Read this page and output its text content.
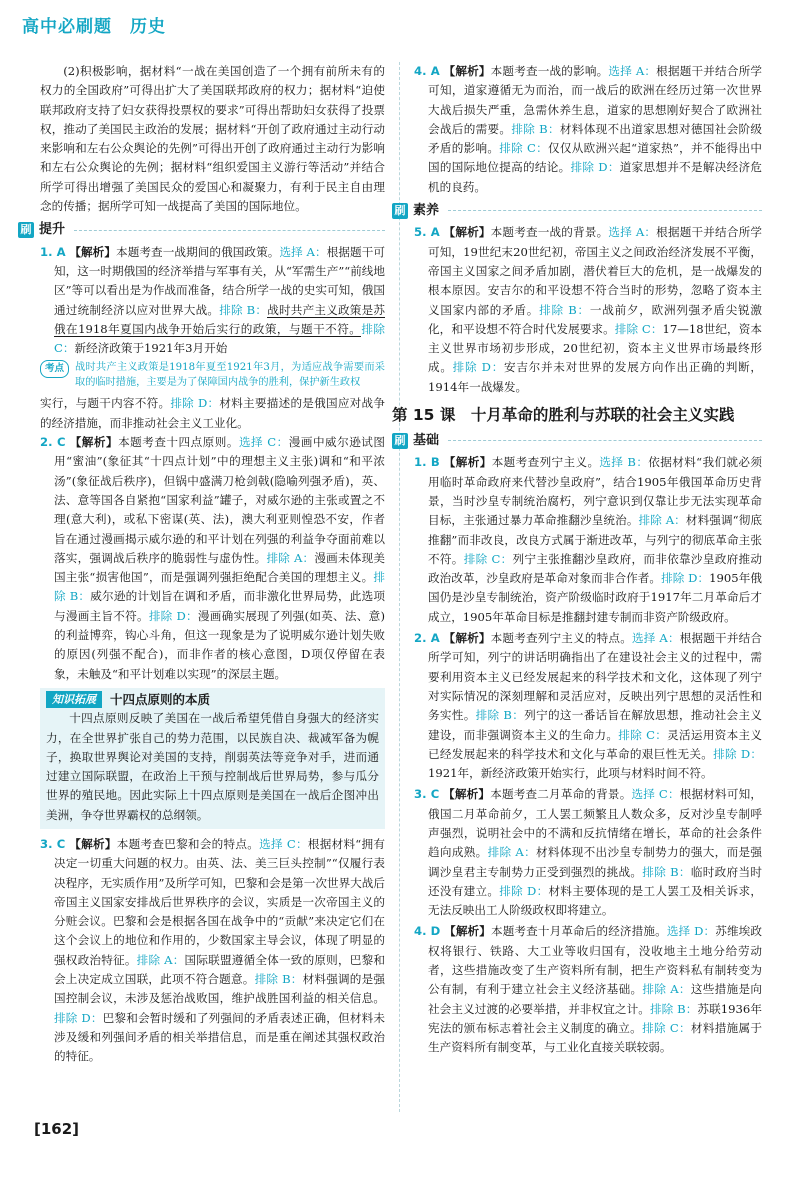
高中必刷题　历史

(2)积极影响，据材料“一战在美国创造了一个拥有前所未有的权力的全国政府”可得出扩大了美国联邦政府的权力；据材料“迫使联邦政府支持了妇女获得投票权的要求”可得出帮助妇女获得了投票权，推动了美国民主政治的发展；据材料“开创了政府通过主动行动来影响和左右公众舆论的先例”可得出开创了政府通过主动行为影响和左右公众舆论的先例；据材料“组织爱国主义游行等活动”并结合所学可得出增强了美国民众的爱国心和凝聚力，有利于民主自由理念的传播；据所学可知一战提高了美国的国际地位。

刷 提升

1. A 【解析】本题考查一战期间的俄国政策。选择 A：根据题干可知，这一时期俄国的经济举措与军事有关，从“军需生产”“前线地区”等可以看出是为作战而准备，结合所学一战的史实可知，俄国通过统制经济以应对世界大战。排除 B：战时共产主义政策是苏俄在1918年夏国内战争开始后实行的政策，与题干不符。排除 C：新经济政策于1921年3月开始

考点	战时共产主义政策是1918年夏至1921年3月，为适应战争需要而采取的临时措施，主要是为了保障国内战争的胜利，保护新生政权

实行，与题干内容不符。排除 D：材料主要描述的是俄国应对战争的经济措施，而非推动社会主义工业化。

2. C 【解析】本题考查十四点原则。选择 C：漫画中威尔逊试图用“蜜油”(象征其“十四点计划”中的理想主义主张)调和“和平浓汤”(象征战后秩序)，但锅中盛满刀枪剑戟(隐喻列强矛盾)，英、法、意等国各自紧抱“国家利益”罐子，对威尔逊的主张或置之不理(意大利)，或私下密谋(英、法)，澳大利亚则惶恐不安，作者旨在通过漫画揭示威尔逊的和平计划在列强的利益争夺面前难以落实，强调战后秩序的脆弱性与虚伪性。排除 A：漫画未体现美国主张“损害他国”，而是强调列强拒绝配合美国的理想主义。排除 B：威尔逊的计划旨在调和矛盾，而非激化世界局势，此选项与漫画主旨不符。排除 D：漫画确实展现了列强(如英、法、意)的利益博弈，钩心斗角，但这一现象是为了说明威尔逊计划失败的原因(列强不配合)，而非作者的核心意图，D项仅停留在表象，未触及“和平计划难以实现”的深层主题。

知识拓展	十四点原则的本质

十四点原则反映了美国在一战后希望凭借自身强大的经济实力，在全世界扩张自己的势力范围，以民族自决、裁减军备为幌子，换取世界舆论对美国的支持，削弱英法等竞争对手，进而通过建立国际联盟，在政治上干预与控制战后世界局势，参与瓜分世界的殖民地。因此实际上十四点原则是美国在一战后企图冲出美洲，争夺世界霸权的总纲领。

3. C 【解析】本题考查巴黎和会的特点。选择 C：根据材料“拥有决定一切重大问题的权力。由英、法、美三巨头控制”“仅履行表决程序，无实质作用”及所学可知，巴黎和会是第一次世界大战后帝国主义国家安排战后世界秩序的会议，实质是一次帝国主义的分赃会议。巴黎和会是根据各国在战争中的“贡献”来决定它们在这个会议上的地位和作用的，少数国家主导会议，体现了明显的强权政治特征。排除 A：国际联盟遵循全体一致的原则，巴黎和会上决定成立国联，此项不符合题意。排除 B：材料强调的是强国控制会议，未涉及惩治战败国，维护战胜国利益的相关信息。排除 D：巴黎和会暂时缓和了列强间的矛盾表述正确，但材料未涉及缓和列强间矛盾的相关举措信息，而是重在阐述其强权政治的特征。

4. A 【解析】本题考查一战的影响。选择 A：根据题干并结合所学可知，道家遵循无为而治，而一战后的欧洲在经历过第一次世界大战后损失严重，急需休养生息，道家的思想刚好契合了欧洲社会战后的需要。排除 B：材料体现不出道家思想对德国社会阶级矛盾的影响。排除 C：仅仅从欧洲兴起“道家热”，并不能得出中国的国际地位提高的结论。排除 D：道家思想并不是解决经济危机的良药。

刷 素养

5. A 【解析】本题考查一战的背景。选择 A：根据题干并结合所学可知，19世纪末20世纪初，帝国主义之间政治经济发展不平衡，帝国主义国家之间矛盾加剧，潜伏着巨大的危机，是一战爆发的根本原因。安吉尔的和平设想不符合当时的形势，忽略了资本主义国家内部的矛盾。排除 B：一战前夕，欧洲列强矛盾尖锐激化，和平设想不符合时代发展要求。排除 C：17—18世纪，资本主义世界市场初步形成，20世纪初，资本主义世界市场最终形成。排除 D：安吉尔并未对世界的发展方向作出正确的判断，1914年一战爆发。

第 15 课　十月革命的胜利与苏联的社会主义实践
刷 基础

1. B 【解析】本题考查列宁主义。选择 B：依据材料“我们就必须用临时革命政府来代替沙皇政府”，结合1905年俄国革命历史背景，当时沙皇专制统治腐朽，列宁意识到仅靠让步无法实现革命目标，主张通过暴力革命推翻沙皇统治。排除 A：材料强调“彻底推翻”而非改良，改良方式属于渐进改革，与列宁的彻底革命主张不符。排除 C：列宁主张推翻沙皇政府，而非依靠沙皇政府推动政治改革，沙皇政府是革命对象而非合作者。排除 D：1905年俄国仍是沙皇专制统治，资产阶级临时政府于1917年二月革命后才成立，1905年革命目标是推翻封建专制而非资产阶级政府。

2. A 【解析】本题考查列宁主义的特点。选择 A：根据题干并结合所学可知，列宁的讲话明确指出了在建设社会主义的过程中，需要利用资本主义已经发展起来的科学技术和文化，这体现了列宁对实际情况的深刻理解和灵活应对，反映出列宁思想的灵活性和务实性。排除 B：列宁的这一番话旨在解放思想，推动社会主义建设，而非强调资本主义的生命力。排除 C：灵活运用资本主义已经发展起来的科学技术和文化与革命的艰巨性无关。排除 D：1921年，新经济政策开始实行，此项与材料时间不符。

3. C 【解析】本题考查二月革命的背景。选择 C：根据材料可知，俄国二月革命前夕，工人罢工频繁且人数众多，反对沙皇专制呼声强烈，说明社会中的不满和反抗情绪在增长，革命的社会条件趋向成熟。排除 A：材料体现不出沙皇专制势力的强大，而是强调沙皇君主专制势力正受到强烈的挑战。排除 B：临时政府当时还没有建立。排除 D：材料主要体现的是工人罢工及相关诉求，无法反映出工人阶级政权即将建立。

4. D 【解析】本题考查十月革命后的经济措施。选择 D：苏维埃政权将银行、铁路、大工业等收归国有，没收地主土地分给劳动者，这些措施改变了生产资料所有制，把生产资料私有制转变为公有制，有利于建立社会主义经济基础。排除 A：这些措施是向社会主义过渡的必要举措，并非权宜之计。排除 B：苏联1936年宪法的颁布标志着社会主义制度的确立。排除 C：材料措施属于生产资料所有制变革，与工业化直接关联较弱。

[ 162 ]
